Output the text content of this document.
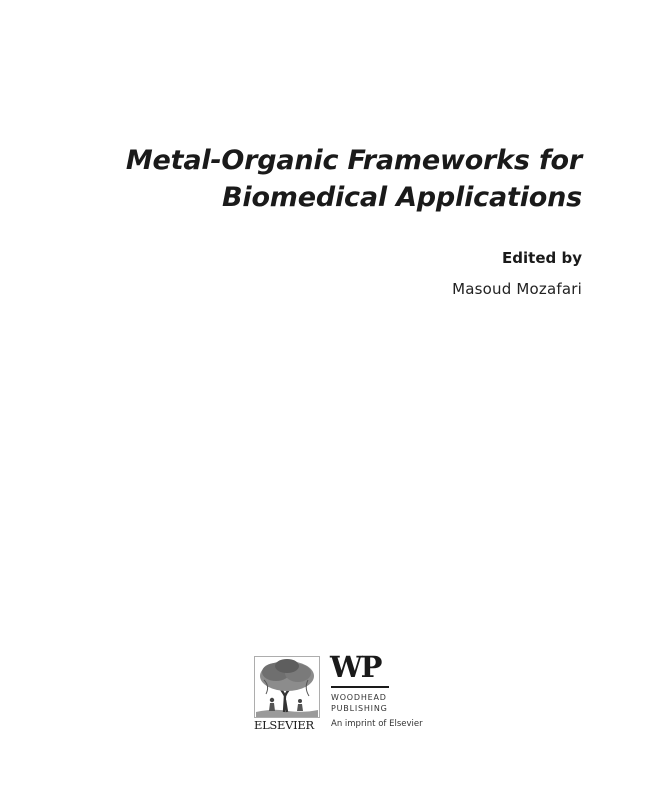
Metal-Organic Frameworks for
Biomedical Applications
Edited by
Masoud Mozafari
ELSEVIER
WP
WOODHEAD
PUBLISHING
An imprint of Elsevier
